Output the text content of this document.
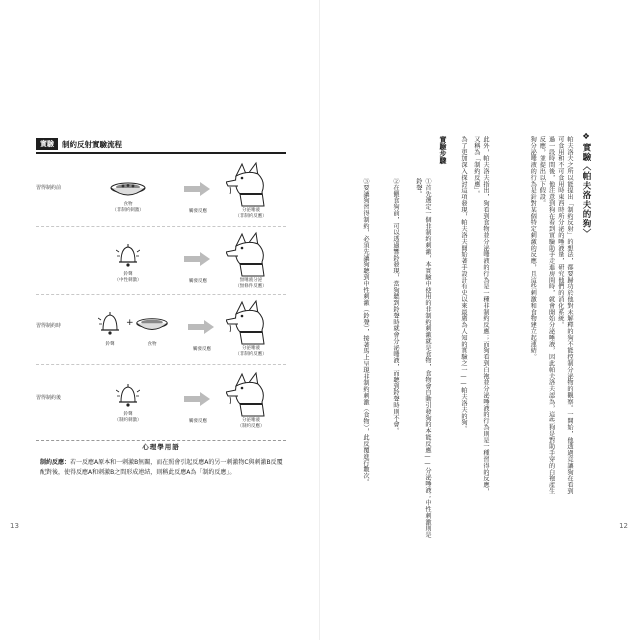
實驗	制約反射實驗流程
習得制約前
食物
（非制約刺激）	觸發反應	分泌唾液
（非制約反應）
鈴聲
（中性刺激）	觸發反應	無唾液分泌
（無條件反應）
習得制約時	+
鈴聲	食物
觸發反應	分泌唾液
（非制約反應）
習得制約後
鈴聲
（制約刺激）	觸發反應	分泌唾液
（制約反應）
心理學用語
制約反應：若一反應A原本和一刺激B無關，而在照會引起反應A的另一刺激物C與刺激B反覆配對後，使得反應A和刺激B之間形成連結，則稱此反應A為「制約反應」。
13
❖實驗〈帕夫洛夫的狗〉
帕夫洛夫之所以能提出「制約反射」的想法，都要歸功於他對未解釋的狗不能控制分泌物的觀察。一開始，他透過竟讓狗在看到可食用和不可食用時東西時所分泌的唾液量，研究他們的消化系統。
過一段時間後，他注意到狗在看到實驗助手走進房間時，就會開始分泌唾液，因此帕夫洛夫認為，這些狗是對助手穿的白袍產生反應，並提出以下假設。
狗分泌唾液的行為是針對某個特定刺激的反應，且這些刺激和食物建立起連結。
此外，帕夫洛夫指出，狗看到食物並分泌唾液的行為是一種非制約反應；而狗看到白袍並分泌唾液的行為則是一種習得的反應，又稱為「制約反應」。
為了更加深入探討這項發現，帕夫洛夫開始著手設計有史以來最廣為人知的實驗之一——帕夫洛夫的狗。
實驗步驟
①首先選定一個非制約刺激，本實驗中使用的非制約刺激就是食物，食物會自動引發狗的本能反應——分泌唾液；中性刺激則是鈴聲。
②在餵食狗前，可以透過響鈴發現，當狗聽到鈴聲時就會分泌唾液，而聽到鈴聲時則不會。
③要讓狗習得制約，必須先讓狗聽到中性刺激（鈴聲），接著馬上呈現非制約刺激（食物），此反覆進行數次。
12
